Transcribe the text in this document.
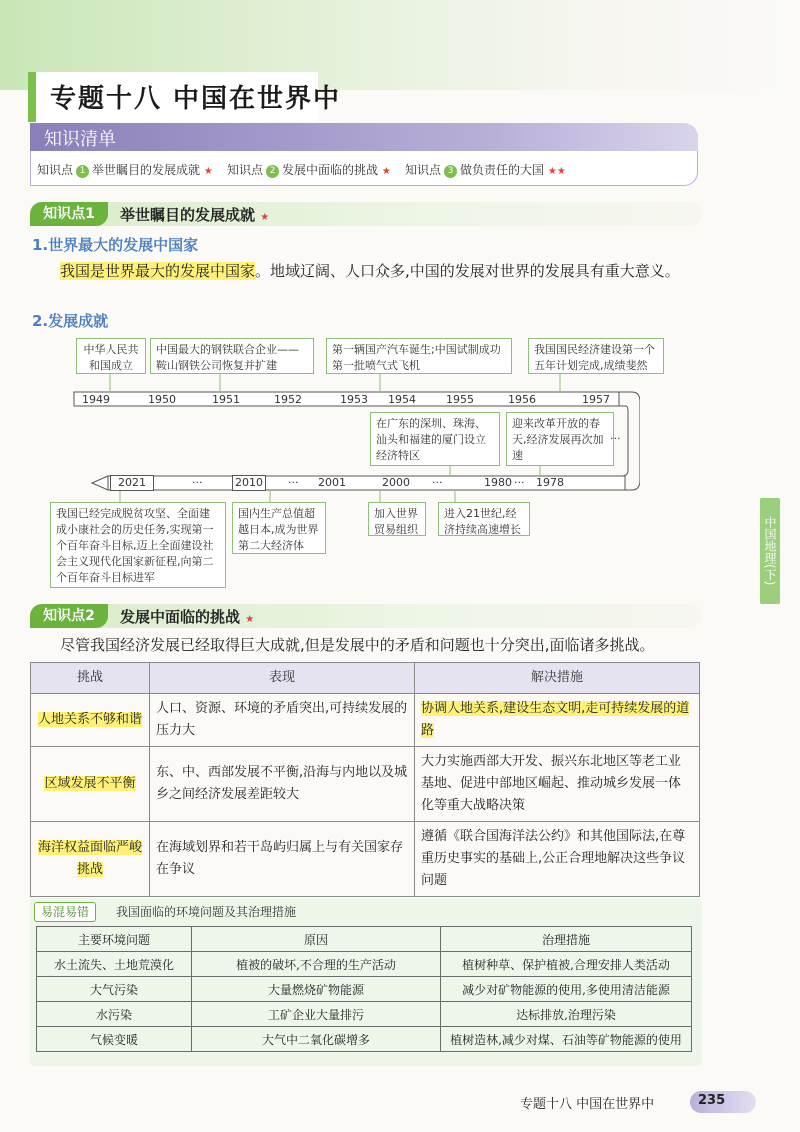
专题十八 中国在世界中
知识清单
知识点 1 举世瞩目的发展成就 ★ 知识点 2 发展中面临的挑战 ★ 知识点 3 做负责任的大国 ★★
知识点1	举世瞩目的发展成就 ★
1.世界最大的发展中国家
我国是世界最大的发展中国家。地域辽阔、人口众多,中国的发展对世界的发展具有重大意义。
2.发展成就
中华人民共和国成立
中国最大的钢铁联合企业——鞍山钢铁公司恢复并扩建
第一辆国产汽车诞生;中国试制成功第一批喷气式飞机
我国国民经济建设第一个五年计划完成,成绩斐然
1949	1950	1951	1952	1953 1954	1955	1956	1957
在广东的深圳、珠海、汕头和福建的厦门设立经济特区
迎来改革开放的春天,经济发展再次加速
···
2021	···	2010 ··· 2001	2000 ···	1980 ··· 1978
我国已经完成脱贫攻坚、全面建成小康社会的历史任务,实现第一个百年奋斗目标,迈上全面建设社会主义现代化国家新征程,向第二个百年奋斗目标进军
国内生产总值超越日本,成为世界第二大经济体
加入世界贸易组织
进入21世纪,经济持续高速增长	中国地理(下)
知识点2	发展中面临的挑战 ★
尽管我国经济发展已经取得巨大成就,但是发展中的矛盾和问题也十分突出,面临诸多挑战。
挑战	表现	解决措施
人地关系不够和谐	人口、资源、环境的矛盾突出,可持续发展的压力大	协调人地关系,建设生态文明,走可持续发展的道路
区域发展不平衡	东、中、西部发展不平衡,沿海与内地以及城乡之间经济发展差距较大	大力实施西部大开发、振兴东北地区等老工业基地、促进中部地区崛起、推动城乡发展一体化等重大战略决策
海洋权益面临严峻挑战	在海域划界和若干岛屿归属上与有关国家存在争议	遵循《联合国海洋法公约》和其他国际法,在尊重历史事实的基础上,公正合理地解决这些争议问题
易混易错	我国面临的环境问题及其治理措施
主要环境问题	原因	治理措施
水土流失、土地荒漠化	植被的破坏,不合理的生产活动	植树种草、保护植被,合理安排人类活动
大气污染	大量燃烧矿物能源	减少对矿物能源的使用,多使用清洁能源
水污染	工矿企业大量排污	达标排放,治理污染
气候变暖	大气中二氧化碳增多	植树造林,减少对煤、石油等矿物能源的使用
专题十八 中国在世界中	235
